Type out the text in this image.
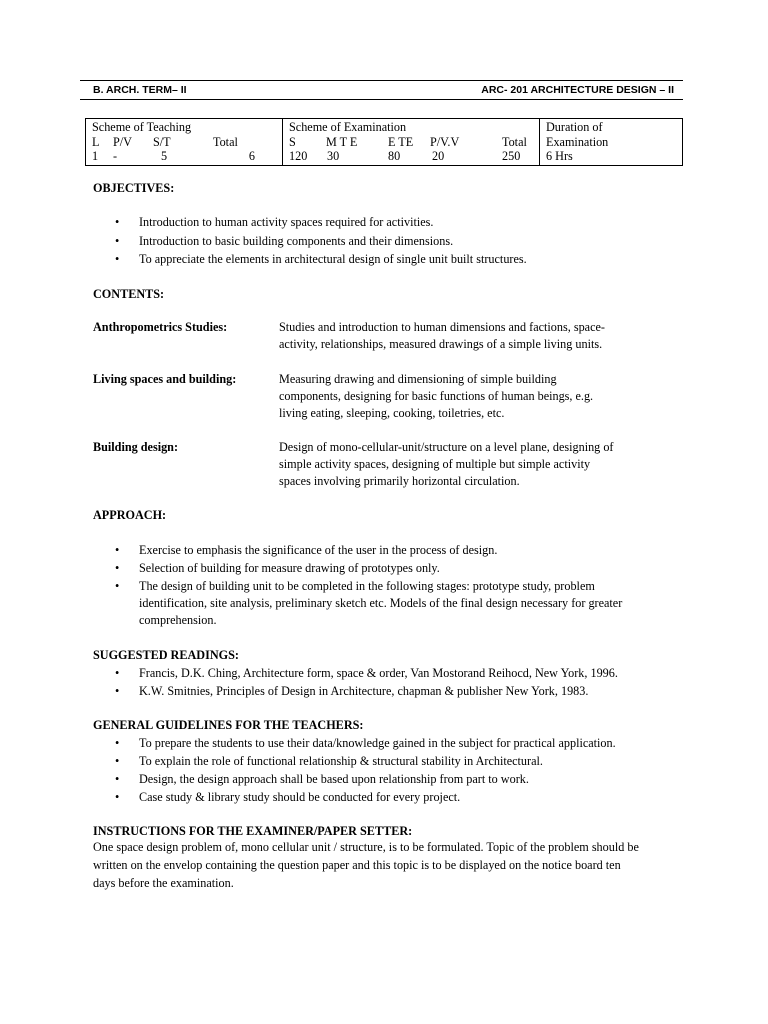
B. ARCH. TERM– II	ARC- 201 ARCHITECTURE DESIGN – II
Scheme of Teaching
L	P/V	S/T	Total
1	-	5	6

Scheme of Examination
S	M T E	E TE	P/V.V	Total
120	30	80	20	250

Duration of
Examination
6 Hrs
OBJECTIVES:
•	Introduction to human activity spaces required for activities.
•	Introduction to basic building components and their dimensions.
•	To appreciate the elements in architectural design of single unit built structures.
CONTENTS:
Anthropometrics Studies:	Studies and introduction to human dimensions and factions, space-
activity, relationships, measured drawings of a simple living units.
Living spaces and building:	Measuring drawing and dimensioning of simple building
components, designing for basic functions of human beings, e.g.
living eating, sleeping, cooking, toiletries, etc.
Building design:	Design of mono-cellular-unit/structure on a level plane, designing of
simple activity spaces, designing of multiple but simple activity
spaces involving primarily horizontal circulation.
APPROACH:
•	Exercise to emphasis the significance of the user in the process of design.
•	Selection of building for measure drawing of prototypes only.
•	The design of building unit to be completed in the following stages: prototype study, problem
identification, site analysis, preliminary sketch etc. Models of the final design necessary for greater
comprehension.
SUGGESTED READINGS:
•	Francis, D.K. Ching, Architecture form, space & order, Van Mostorand Reihocd, New York, 1996.
•	K.W. Smitnies, Principles of Design in Architecture, chapman & publisher New York, 1983.
GENERAL GUIDELINES FOR THE TEACHERS:
•	To prepare the students to use their data/knowledge gained in the subject for practical application.
•	To explain the role of functional relationship & structural stability in Architectural.
•	Design, the design approach shall be based upon relationship from part to work.
•	Case study & library study should be conducted for every project.
INSTRUCTIONS FOR THE EXAMINER/PAPER SETTER:
One space design problem of, mono cellular unit / structure, is to be formulated. Topic of the problem should be
written on the envelop containing the question paper and this topic is to be displayed on the notice board ten
days before the examination.
